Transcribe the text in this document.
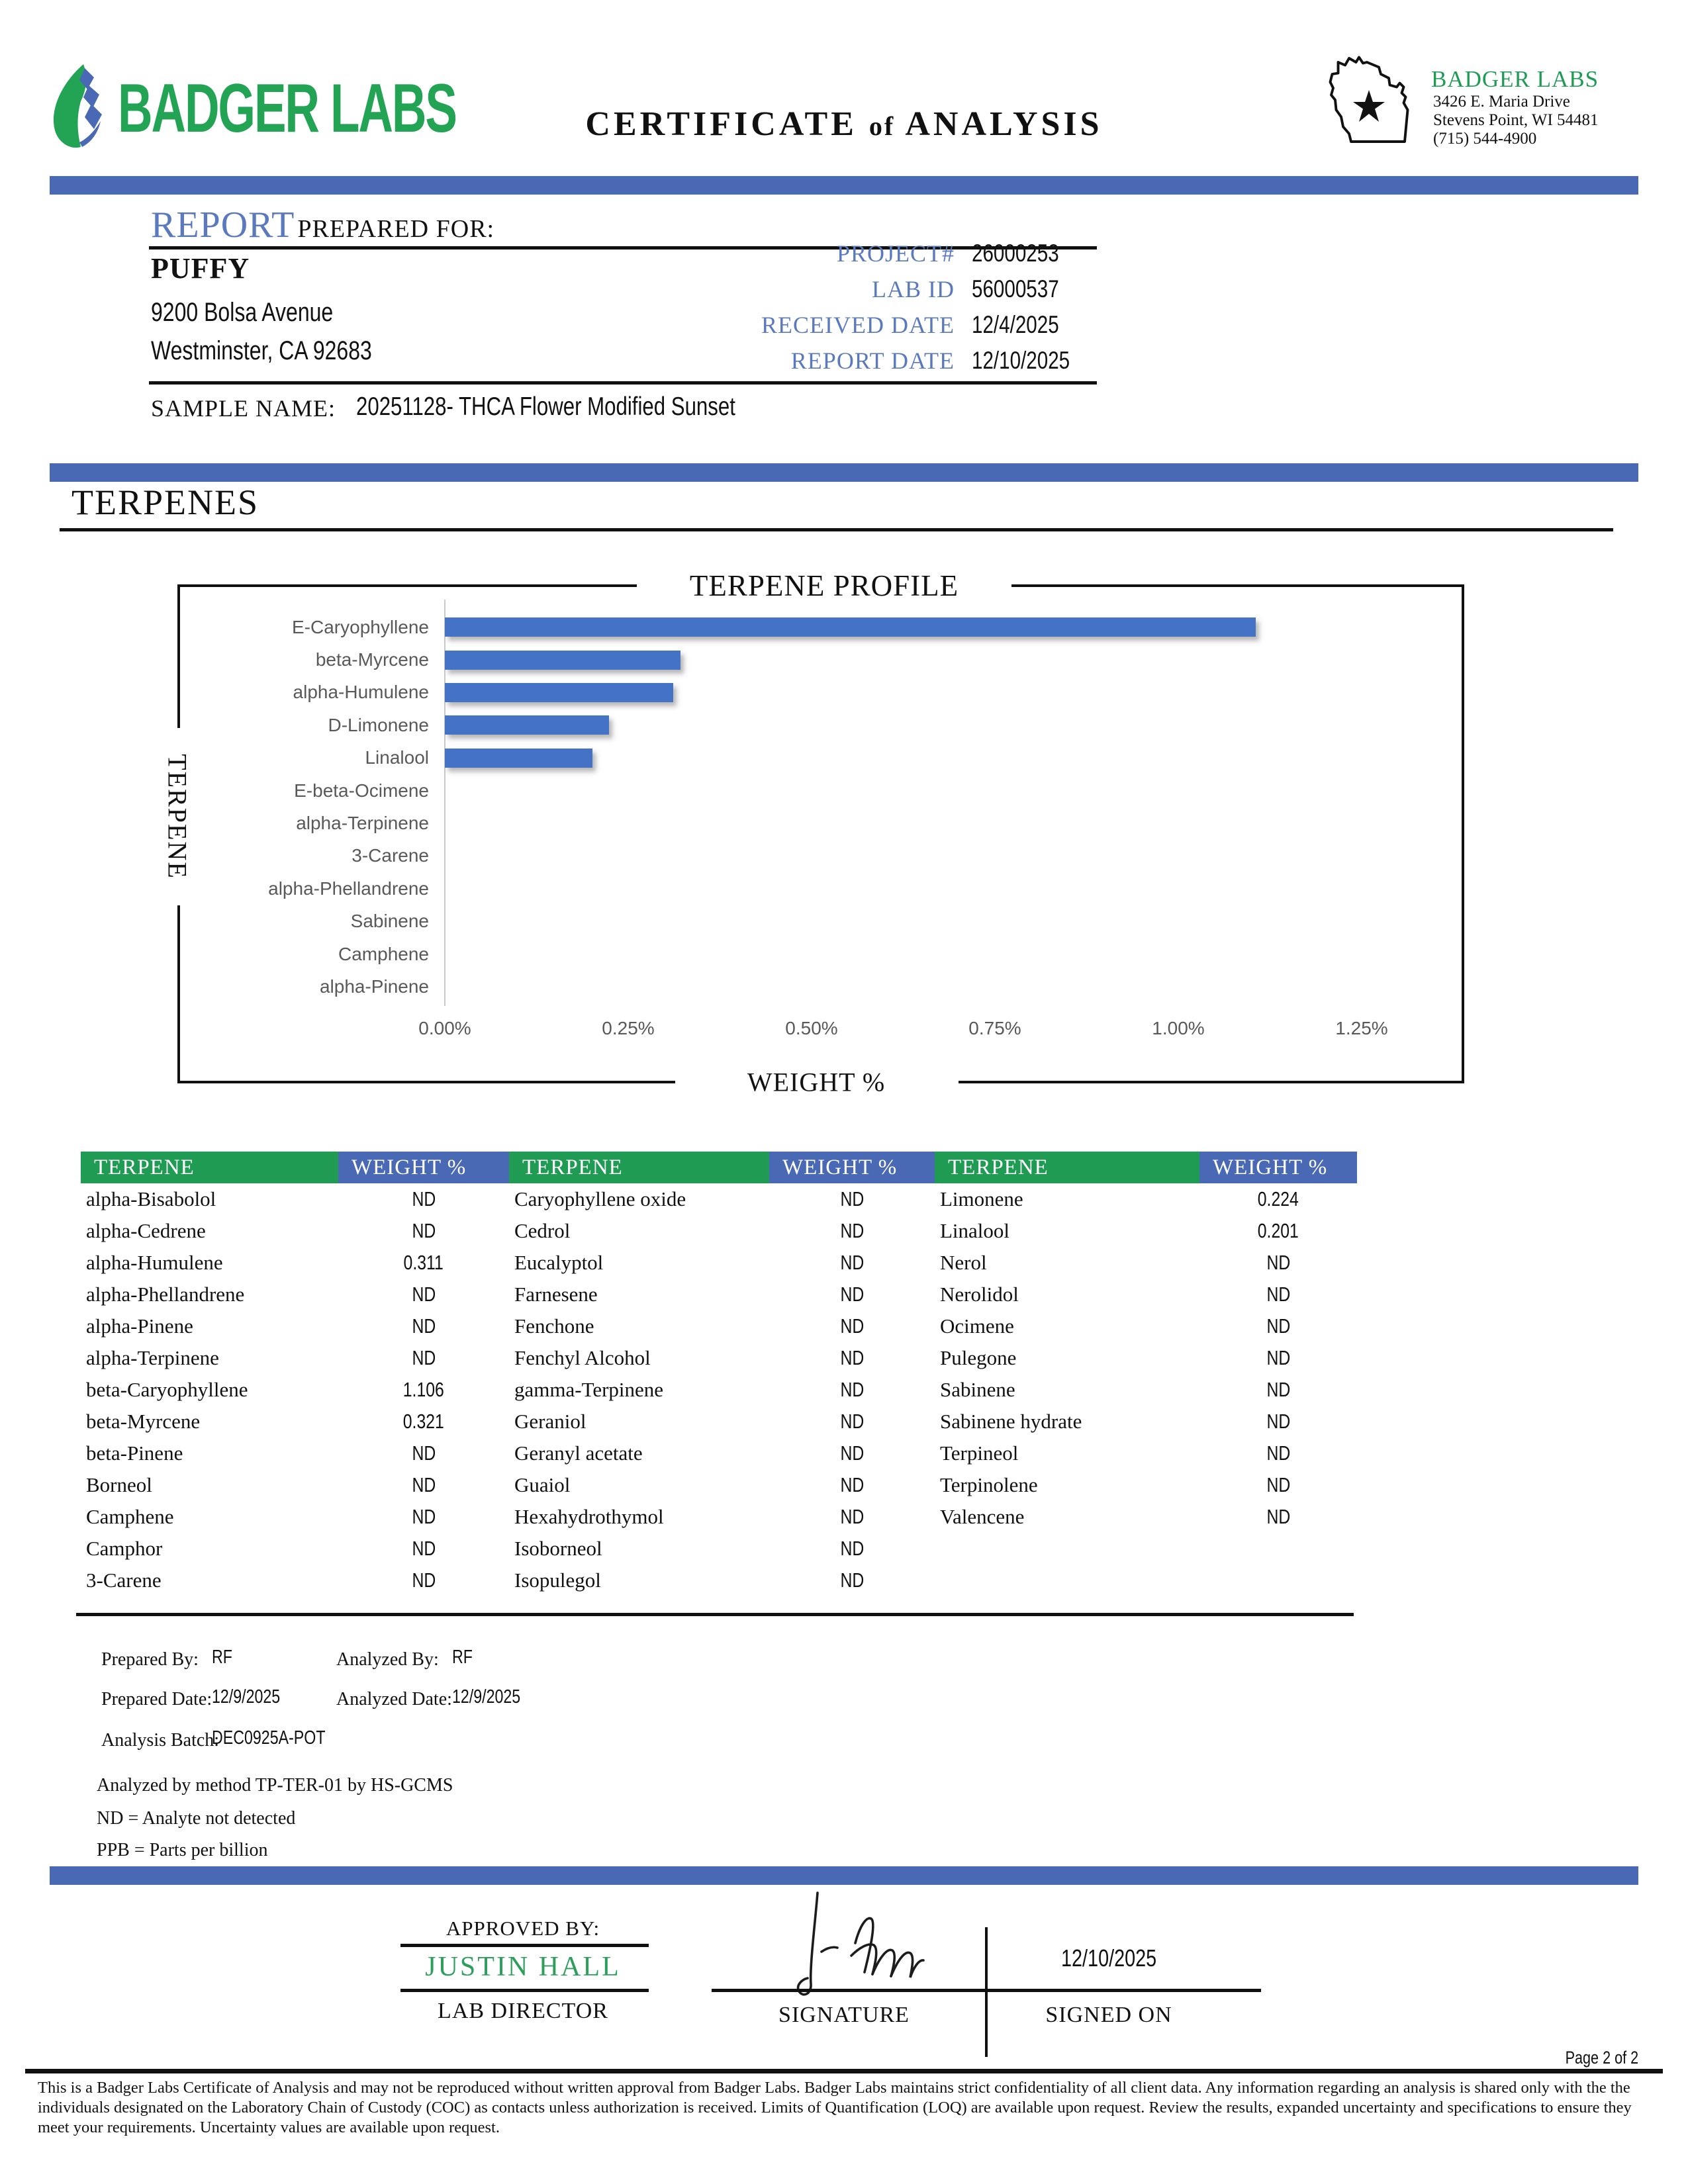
BADGER LABS	CERTIFICATE of ANALYSIS
BADGER LABS
3426 E. Maria Drive
Stevens Point, WI 54481
(715) 544-4900
REPORT PREPARED FOR:
PUFFY
9200 Bolsa Avenue
Westminster, CA 92683
PROJECT# 26000253
LAB ID 56000537
RECEIVED DATE 12/4/2025
REPORT DATE 12/10/2025
SAMPLE NAME: 20251128- THCA Flower Modified Sunset
TERPENES
TERPENE PROFILE
TERPENE
WEIGHT %
E-Caryophyllene
beta-Myrcene
alpha-Humulene
D-Limonene
Linalool
E-beta-Ocimene
alpha-Terpinene
3-Carene
alpha-Phellandrene
Sabinene
Camphene
alpha-Pinene
0.00%	0.25%	0.50%	0.75%	1.00%	1.25%
TERPENE	WEIGHT %	TERPENE	WEIGHT %	TERPENE	WEIGHT %
alpha-Bisabolol	ND	Caryophyllene oxide	ND	Limonene	0.224
alpha-Cedrene	ND	Cedrol	ND	Linalool	0.201
alpha-Humulene	0.311	Eucalyptol	ND	Nerol	ND
alpha-Phellandrene	ND	Farnesene	ND	Nerolidol	ND
alpha-Pinene	ND	Fenchone	ND	Ocimene	ND
alpha-Terpinene	ND	Fenchyl Alcohol	ND	Pulegone	ND
beta-Caryophyllene	1.106	gamma-Terpinene	ND	Sabinene	ND
beta-Myrcene	0.321	Geraniol	ND	Sabinene hydrate	ND
beta-Pinene	ND	Geranyl acetate	ND	Terpineol	ND
Borneol	ND	Guaiol	ND	Terpinolene	ND
Camphene	ND	Hexahydrothymol	ND	Valencene	ND
Camphor	ND	Isoborneol	ND
3-Carene	ND	Isopulegol	ND
Prepared By: RF	Analyzed By: RF
Prepared Date: 12/9/2025	Analyzed Date: 12/9/2025
Analysis Batch:
DEC0925A-POT
Analyzed by method TP-TER-01 by HS-GCMS
ND = Analyte not detected
PPB = Parts per billion
APPROVED BY:
JUSTIN HALL
LAB DIRECTOR	SIGNATURE
12/10/2025
SIGNED ON
Page 2 of 2
This is a Badger Labs Certificate of Analysis and may not be reproduced without written approval from Badger Labs. Badger Labs maintains strict confidentiality of all client data. Any information regarding an analysis is shared only with the the individuals designated on the Laboratory Chain of Custody (COC) as contacts unless authorization is received. Limits of Quantification (LOQ) are available upon request. Review the results, expanded uncertainty and specifications to ensure they meet your requirements. Uncertainty values are available upon request.
